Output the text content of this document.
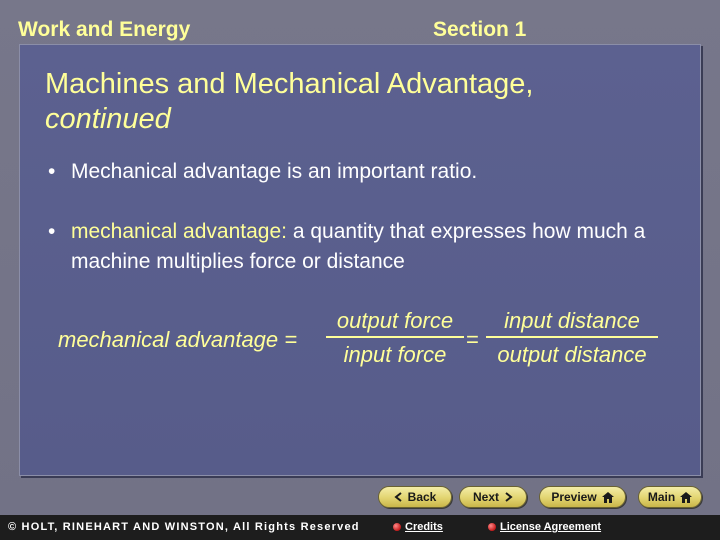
Work and Energy	Section 1
Machines and Mechanical Advantage,
continued
• Mechanical advantage is an important ratio.
• mechanical advantage: a quantity that expresses how much a machine multiplies force or distance
mechanical advantage =
output force
input force
=
input distance
output distance
Back	Next	Preview	Main
© HOLT, RINEHART AND WINSTON, All Rights Reserved	Credits	License Agreement
